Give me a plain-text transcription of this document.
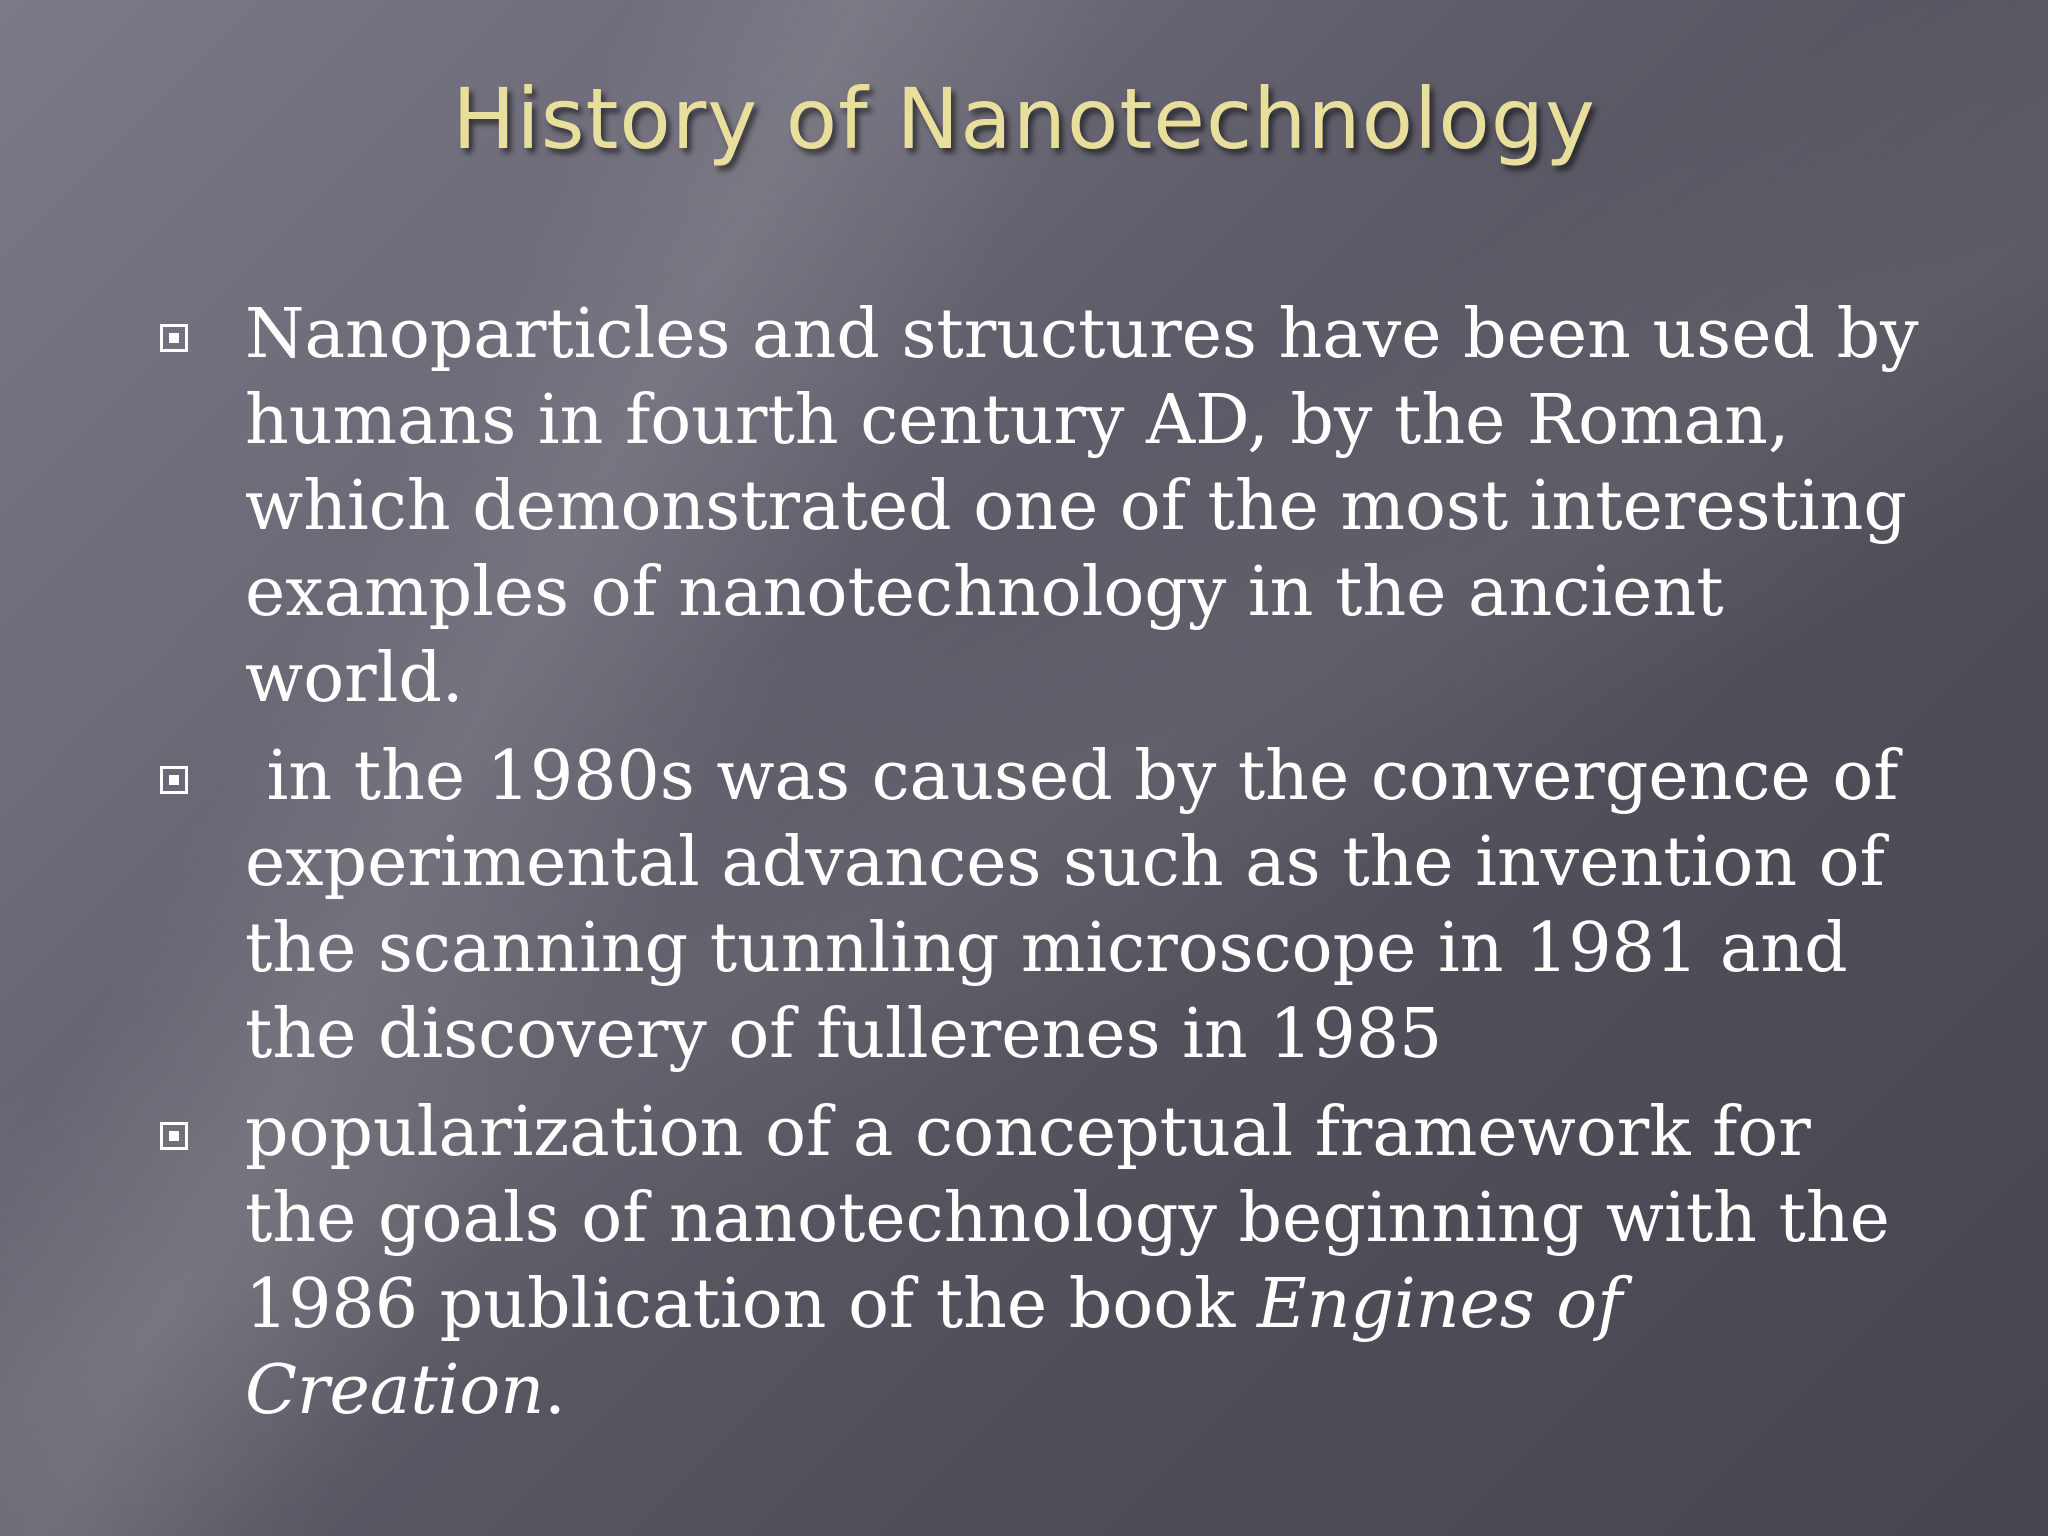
History of Nanotechnology
Nanoparticles and structures have been used by humans in fourth century AD, by the Roman, which demonstrated one of the most interesting examples of nanotechnology in the ancient world.
in the 1980s was caused by the convergence of experimental advances such as the invention of the scanning tunnling microscope in 1981 and the discovery of fullerenes in 1985
popularization of a conceptual framework for the goals of nanotechnology beginning with the 1986 publication of the book Engines of Creation.
